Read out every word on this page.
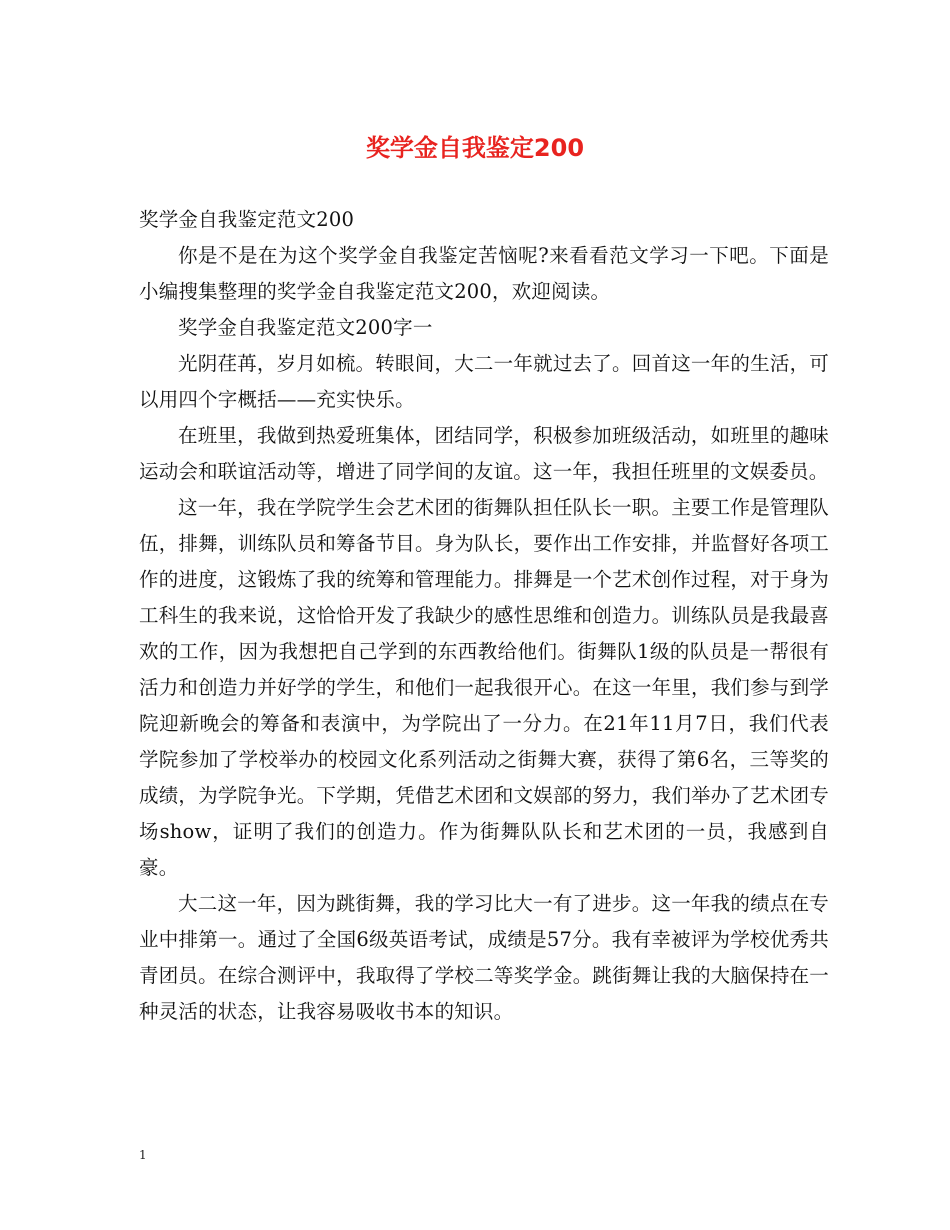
奖学金自我鉴定200

奖学金自我鉴定范文200

你是不是在为这个奖学金自我鉴定苦恼呢?来看看范文学习一下吧。下面是小编搜集整理的奖学金自我鉴定范文200，欢迎阅读。

奖学金自我鉴定范文200字一

光阴荏苒，岁月如梳。转眼间，大二一年就过去了。回首这一年的生活，可以用四个字概括——充实快乐。

在班里，我做到热爱班集体，团结同学，积极参加班级活动，如班里的趣味运动会和联谊活动等，增进了同学间的友谊。这一年，我担任班里的文娱委员。

这一年，我在学院学生会艺术团的街舞队担任队长一职。主要工作是管理队伍，排舞，训练队员和筹备节目。身为队长，要作出工作安排，并监督好各项工作的进度，这锻炼了我的统筹和管理能力。排舞是一个艺术创作过程，对于身为工科生的我来说，这恰恰开发了我缺少的感性思维和创造力。训练队员是我最喜欢的工作，因为我想把自己学到的东西教给他们。街舞队1级的队员是一帮很有活力和创造力并好学的学生，和他们一起我很开心。在这一年里，我们参与到学院迎新晚会的筹备和表演中，为学院出了一分力。在21年11月7日，我们代表学院参加了学校举办的校园文化系列活动之街舞大赛，获得了第6名，三等奖的成绩，为学院争光。下学期，凭借艺术团和文娱部的努力，我们举办了艺术团专场show，证明了我们的创造力。作为街舞队队长和艺术团的一员，我感到自豪。

大二这一年，因为跳街舞，我的学习比大一有了进步。这一年我的绩点在专业中排第一。通过了全国6级英语考试，成绩是57分。我有幸被评为学校优秀共青团员。在综合测评中，我取得了学校二等奖学金。跳街舞让我的大脑保持在一种灵活的状态，让我容易吸收书本的知识。

1
